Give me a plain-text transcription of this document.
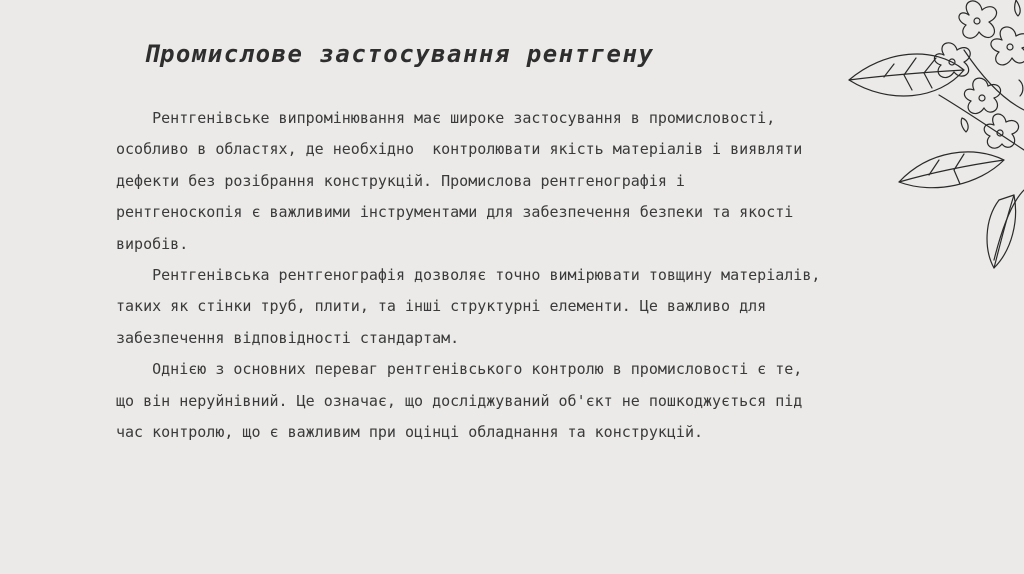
Промислове застосування рентгену
Рентгенівське випромінювання має широке застосування в промисловості,
особливо в областях, де необхідно  контролювати якість матеріалів і виявляти
дефекти без розібрання конструкцій. Промислова рентгенографія і
рентгеноскопія є важливими інструментами для забезпечення безпеки та якості
виробів.
Рентгенівська рентгенографія дозволяє точно вимірювати товщину матеріалів,
таких як стінки труб, плити, та інші структурні елементи. Це важливо для
забезпечення відповідності стандартам.
Однією з основних переваг рентгенівського контролю в промисловості є те,
що він неруйнівний. Це означає, що досліджуваний об'єкт не пошкоджується під
час контролю, що є важливим при оцінці обладнання та конструкцій.
